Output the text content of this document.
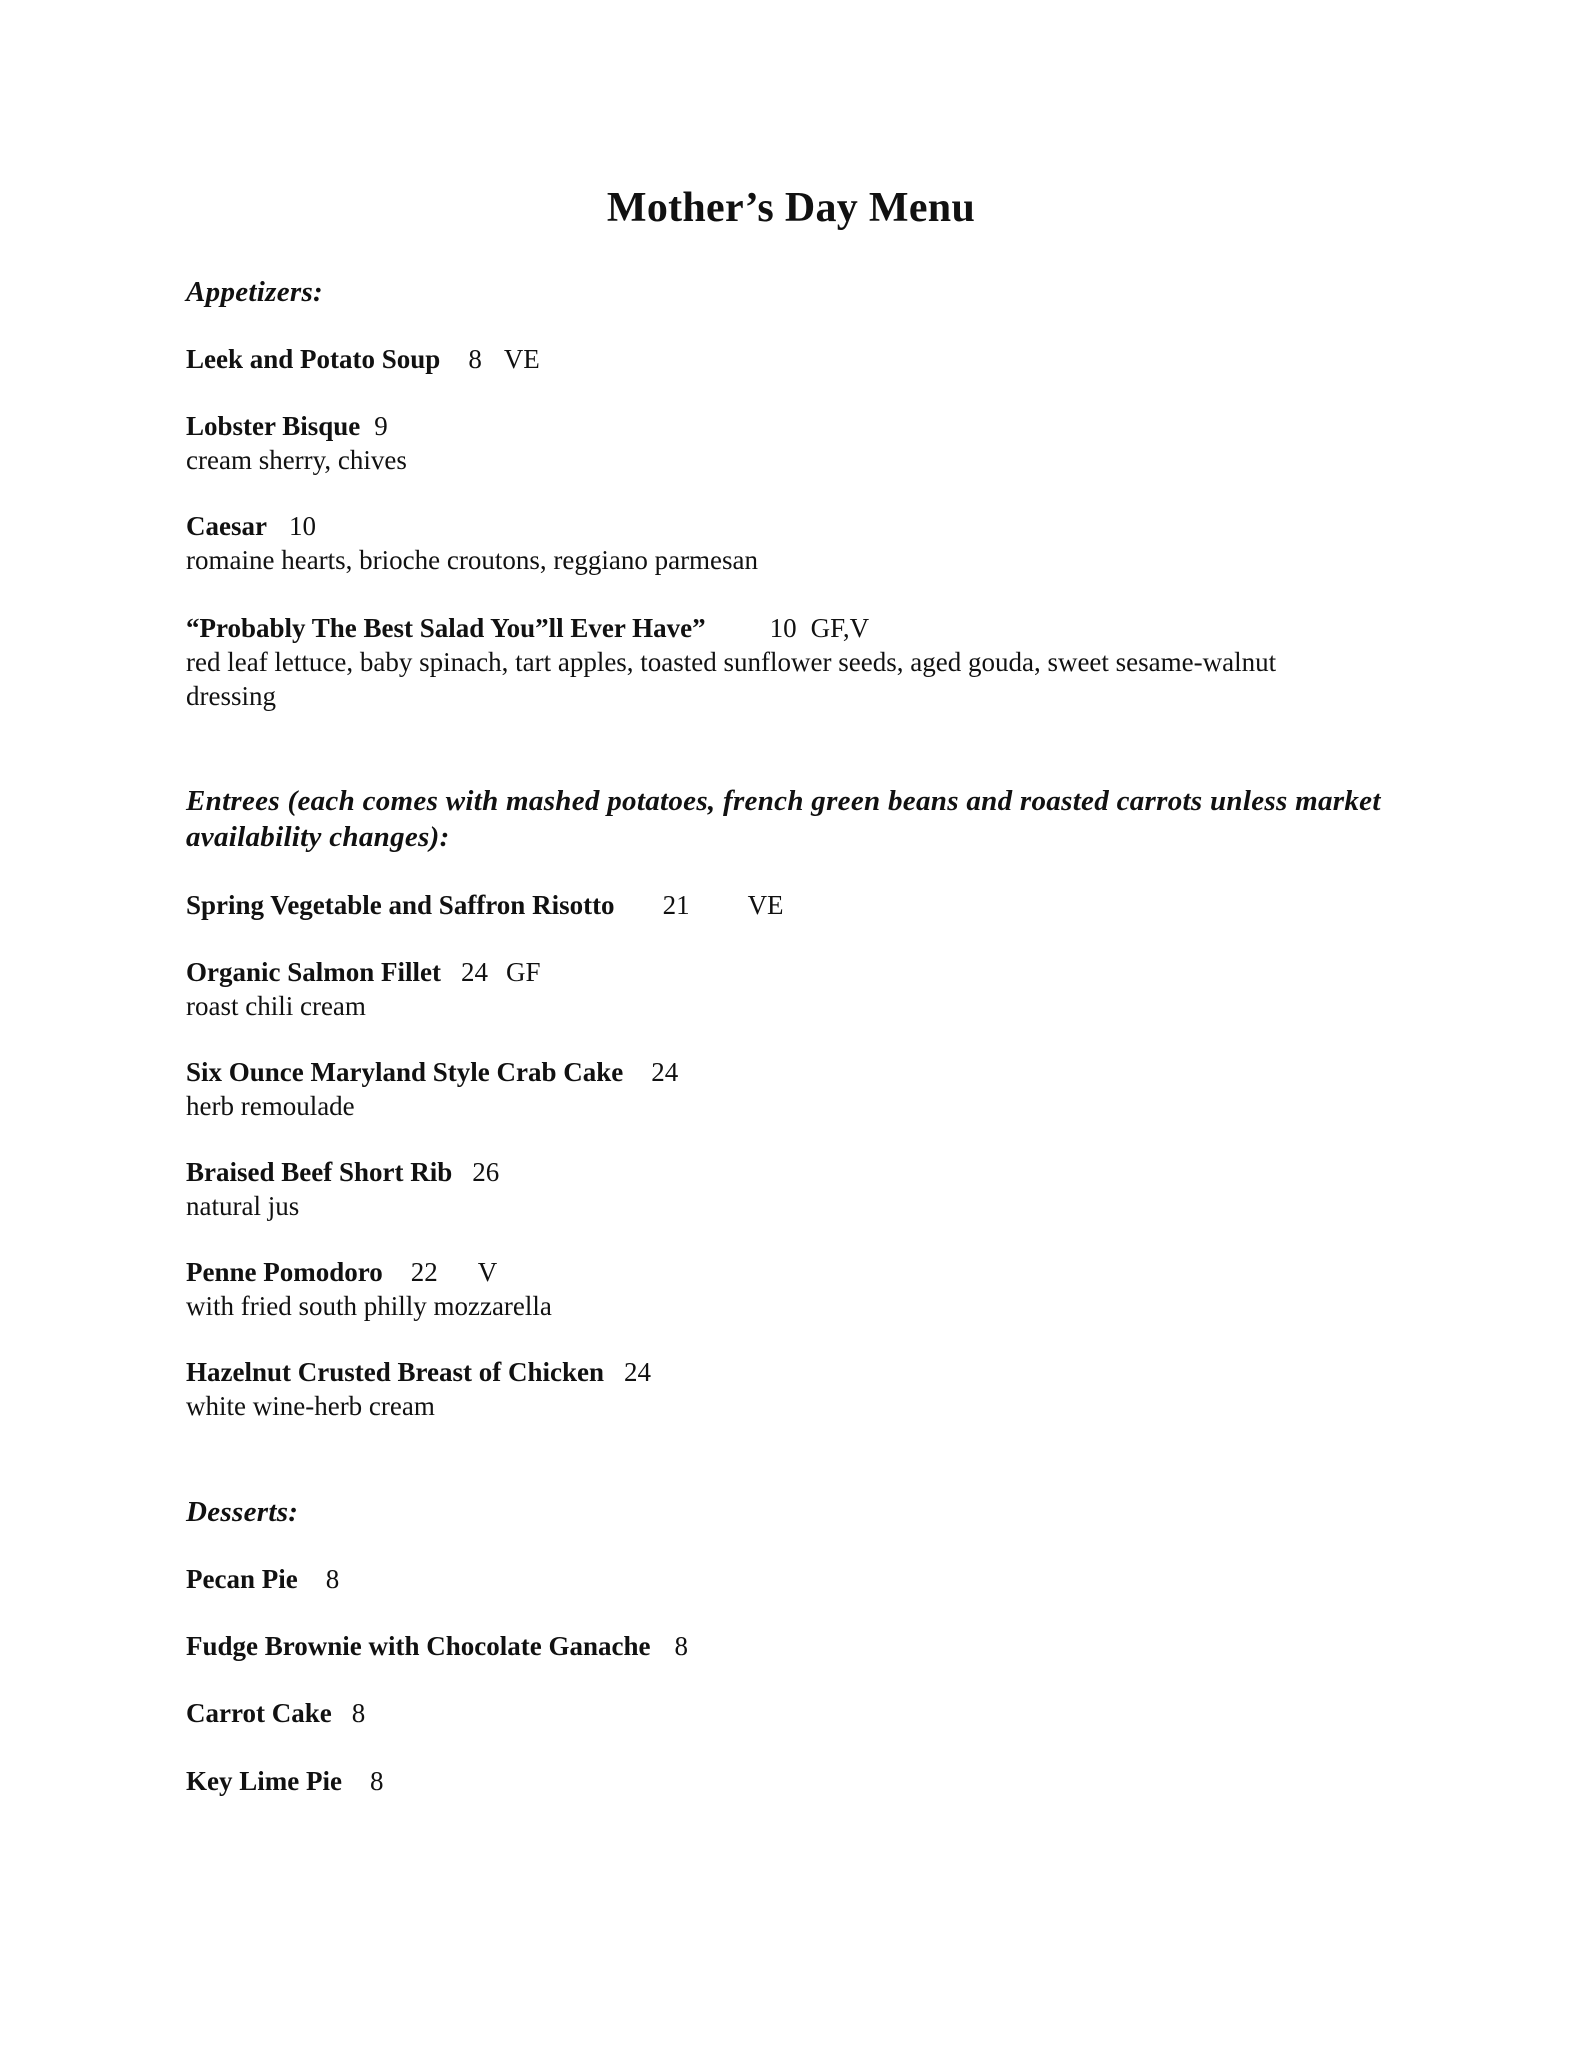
Mother’s Day Menu
Appetizers:
Leek and Potato Soup 8 VE
Lobster Bisque 9
cream sherry, chives
Caesar 10
romaine hearts, brioche croutons, reggiano parmesan
“Probably The Best Salad You”ll Ever Have” 10 GF,V
red leaf lettuce, baby spinach, tart apples, toasted sunflower seeds, aged gouda, sweet sesame-walnut dressing
Entrees (each comes with mashed potatoes, french green beans and roasted carrots unless market availability changes):
Spring Vegetable and Saffron Risotto 21 VE
Organic Salmon Fillet 24 GF
roast chili cream
Six Ounce Maryland Style Crab Cake 24
herb remoulade
Braised Beef Short Rib 26
natural jus
Penne Pomodoro 22 V
with fried south philly mozzarella
Hazelnut Crusted Breast of Chicken 24
white wine-herb cream
Desserts:
Pecan Pie 8
Fudge Brownie with Chocolate Ganache 8
Carrot Cake 8
Key Lime Pie 8
